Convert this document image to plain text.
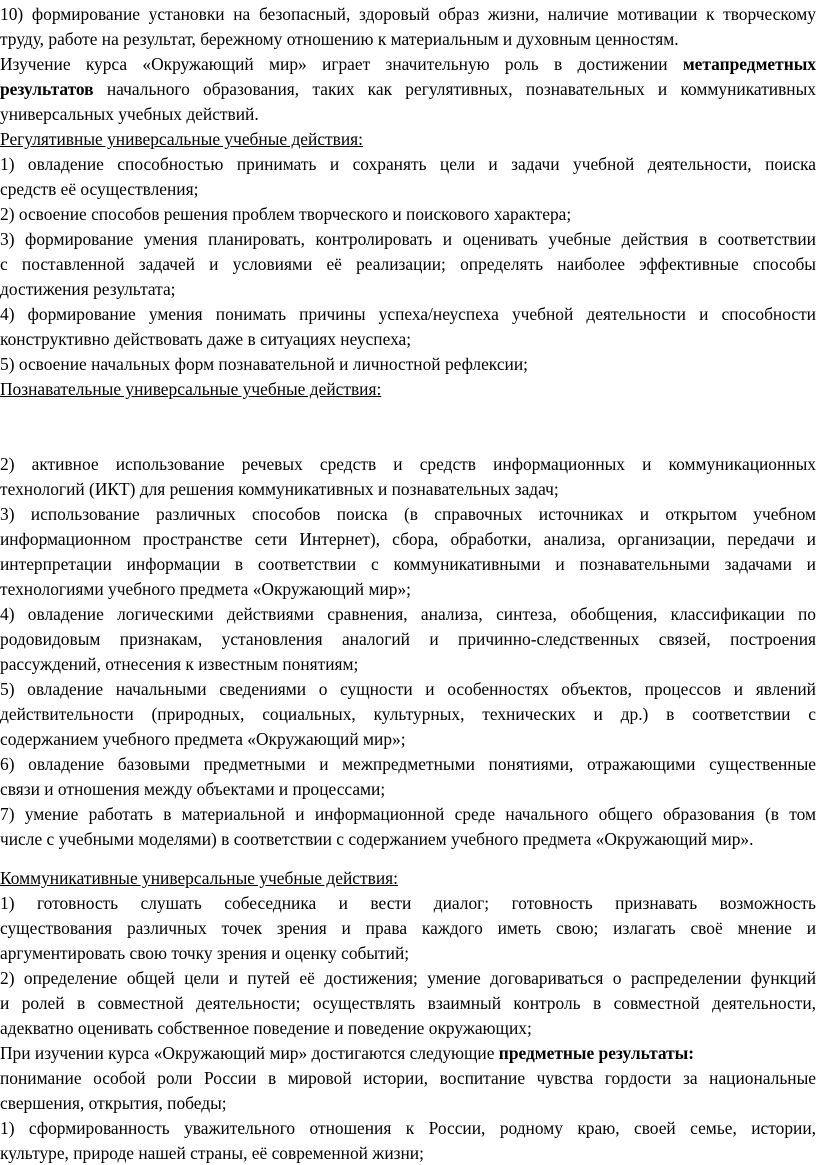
10) формирование установки на безопасный, здоровый образ жизни, наличие мотивации к творческому

труду, работе на результат, бережному отношению к материальным и духовным ценностям.

Изучение курса «Окружающий мир» играет значительную роль в достижении метапредметных

результатов начального образования, таких как регулятивных, познавательных и коммуникативных

универсальных учебных действий.

Регулятивные универсальные учебные действия:

1) овладение способностью принимать и сохранять цели и задачи учебной деятельности, поиска

средств её осуществления;

2) освоение способов решения проблем творческого и поискового характера;

3) формирование умения планировать, контролировать и оценивать учебные действия в соответствии

с поставленной задачей и условиями её реализации; определять наиболее эффективные способы

достижения результата;

4) формирование умения понимать причины успеха/неуспеха учебной деятельности и способности

конструктивно действовать даже в ситуациях неуспеха;

5) освоение начальных форм познавательной и личностной рефлексии;

Познавательные универсальные учебные действия:

2) активное использование речевых средств и средств информационных и коммуникационных

технологий (ИКТ) для решения коммуникативных и познавательных задач;

3) использование различных способов поиска (в справочных источниках и открытом учебном

информационном пространстве сети Интернет), сбора, обработки, анализа, организации, передачи и

интерпретации информации в соответствии с коммуникативными и познавательными задачами и

технологиями учебного предмета «Окружающий мир»;

4) овладение логическими действиями сравнения, анализа, синтеза, обобщения, классификации по

родовидовым признакам, установления аналогий и причинно-следственных связей, построения

рассуждений, отнесения к известным понятиям;

5) овладение начальными сведениями о сущности и особенностях объектов, процессов и явлений

действительности (природных, социальных, культурных, технических и др.) в соответствии с

содержанием учебного предмета «Окружающий мир»;

6) овладение базовыми предметными и межпредметными понятиями, отражающими существенные

связи и отношения между объектами и процессами;

7) умение работать в материальной и информационной среде начального общего образования (в том

числе с учебными моделями) в соответствии с содержанием учебного предмета «Окружающий мир».

Коммуникативные универсальные учебные действия:

1) готовность слушать собеседника и вести диалог; готовность признавать возможность

существования различных точек зрения и права каждого иметь свою; излагать своё мнение и

аргументировать свою точку зрения и оценку событий;

2) определение общей цели и путей её достижения; умение договариваться о распределении функций

и ролей в совместной деятельности; осуществлять взаимный контроль в совместной деятельности,

адекватно оценивать собственное поведение и поведение окружающих;

При изучении курса «Окружающий мир» достигаются следующие предметные результаты:

понимание особой роли России в мировой истории, воспитание чувства гордости за национальные

свершения, открытия, победы;

1) сформированность уважительного отношения к России, родному краю, своей семье, истории,

культуре, природе нашей страны, её современной жизни;
